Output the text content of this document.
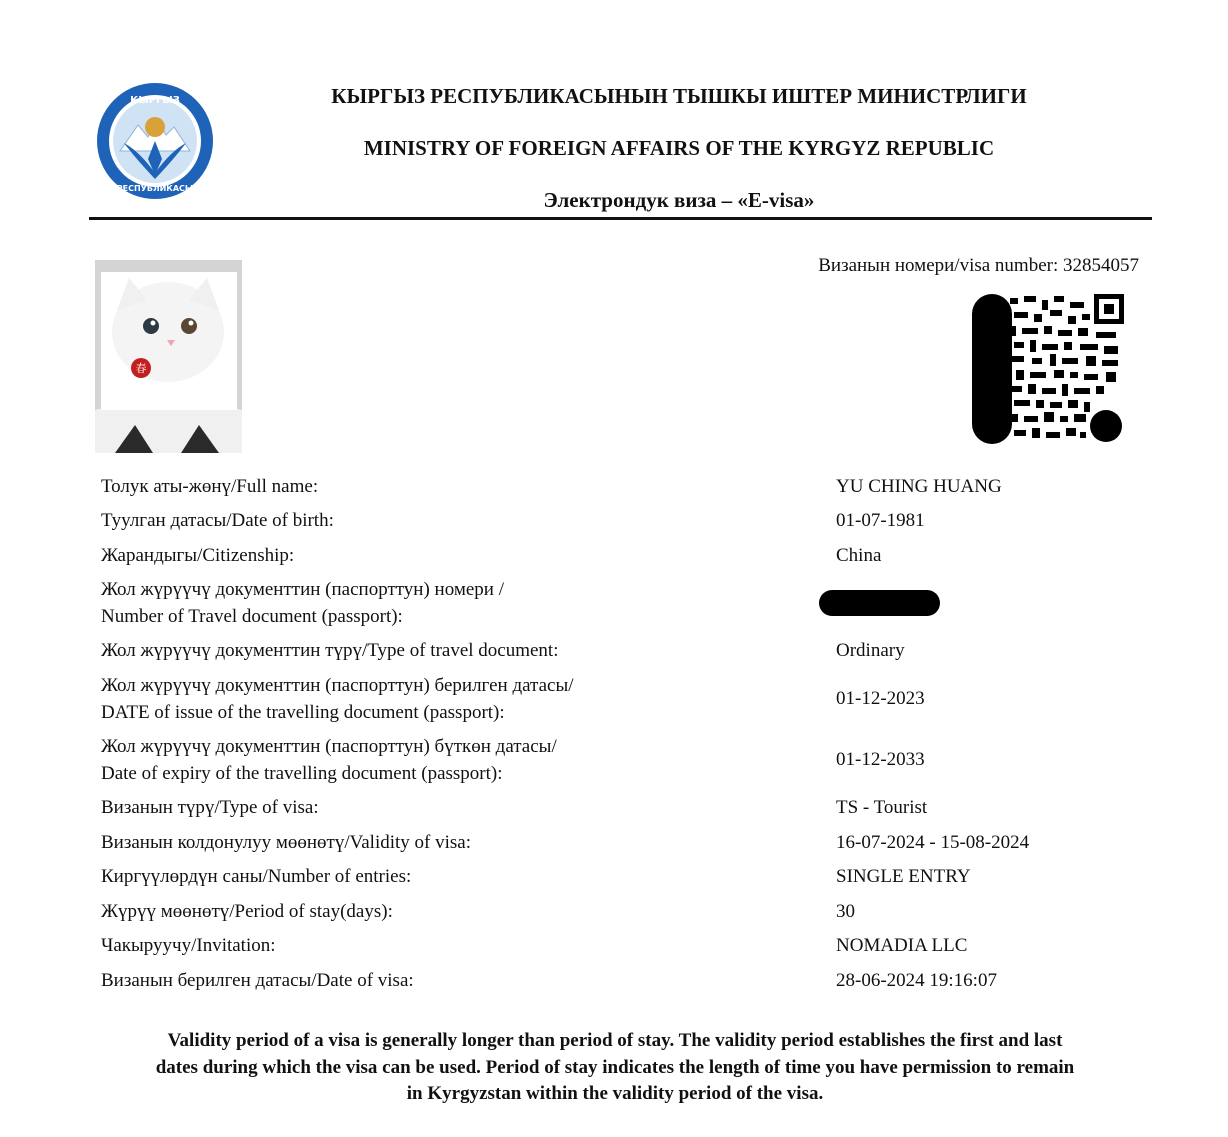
КЫРГЫЗ
РЕСПУБЛИКАСЫ
КЫРГЫЗ РЕСПУБЛИКАСЫНЫН ТЫШКЫ ИШТЕР МИНИСТРЛИГИ
MINISTRY OF FOREIGN AFFAIRS OF THE KYRGYZ REPUBLIC
Электрондук виза – «E-visa»
春
Визанын номери/visa number: 32854057
Толук аты-жөнү/Full name:	YU CHING HUANG
Туулган датасы/Date of birth:	01-07-1981
Жарандыгы/Citizenship:	China
Жол жүрүүчү документтин (паспорттун) номери /
Number of Travel document (passport):
Жол жүрүүчү документтин түрү/Type of travel document:	Ordinary
Жол жүрүүчү документтин (паспорттун) берилген датасы/
DATE of issue of the travelling document (passport):
01-12-2023
Жол жүрүүчү документтин (паспорттун) бүткөн датасы/
Date of expiry of the travelling document (passport):
01-12-2033
Визанын түрү/Type of visa:	TS - Tourist
Визанын колдонулуу мөөнөтү/Validity of visa:	16-07-2024 - 15-08-2024
Киргүүлөрдүн саны/Number of entries:	SINGLE ENTRY
Жүрүү мөөнөтү/Period of stay(days):	30
Чакыруучу/Invitation:	NOMADIA LLC
Визанын берилген датасы/Date of visa:	28-06-2024 19:16:07
Validity period of a visa is generally longer than period of stay. The validity period establishes the first and last
dates during which the visa can be used. Period of stay indicates the length of time you have permission to remain
in Kyrgyzstan within the validity period of the visa.
